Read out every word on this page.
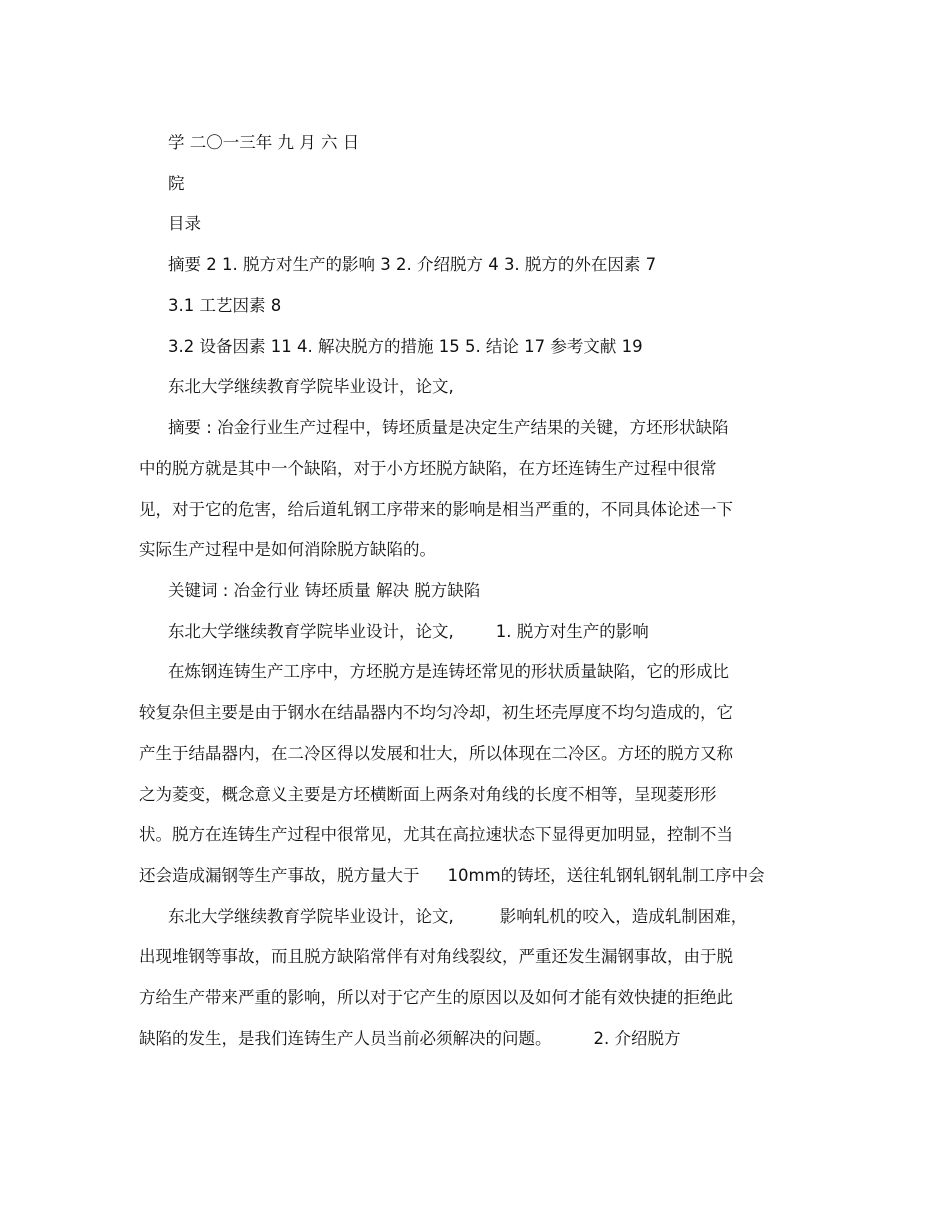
学 二〇一三年 九 月 六 日
院
目录
摘要 2 1. 脱方对生产的影响 3 2. 介绍脱方 4 3. 脱方的外在因素 7
3.1 工艺因素 8
3.2 设备因素 11 4. 解决脱方的措施 15 5. 结论 17 参考文献 19
东北大学继续教育学院毕业设计，论文,
摘要 : 冶金行业生产过程中，铸坯质量是决定生产结果的关键，方坯形状缺陷
中的脱方就是其中一个缺陷，对于小方坯脱方缺陷，在方坯连铸生产过程中很常
见，对于它的危害，给后道轧钢工序带来的影响是相当严重的，不同具体论述一下
实际生产过程中是如何消除脱方缺陷的。
关键词 : 冶金行业 铸坯质量 解决 脱方缺陷
东北大学继续教育学院毕业设计，论文,	1. 脱方对生产的影响
在炼钢连铸生产工序中，方坯脱方是连铸坯常见的形状质量缺陷，它的形成比
较复杂但主要是由于钢水在结晶器内不均匀冷却，初生坯壳厚度不均匀造成的，它
产生于结晶器内，在二冷区得以发展和壮大，所以体现在二冷区。方坯的脱方又称
之为菱变，概念意义主要是方坯横断面上两条对角线的长度不相等，呈现菱形形
状。脱方在连铸生产过程中很常见，尤其在高拉速状态下显得更加明显，控制不当
还会造成漏钢等生产事故，脱方量大于 10mm的铸坯，送往轧钢轧钢轧制工序中会
东北大学继续教育学院毕业设计，论文,	影响轧机的咬入，造成轧制困难，
出现堆钢等事故，而且脱方缺陷常伴有对角线裂纹，严重还发生漏钢事故，由于脱
方给生产带来严重的影响，所以对于它产生的原因以及如何才能有效快捷的拒绝此
缺陷的发生，是我们连铸生产人员当前必须解决的问题。	2. 介绍脱方
